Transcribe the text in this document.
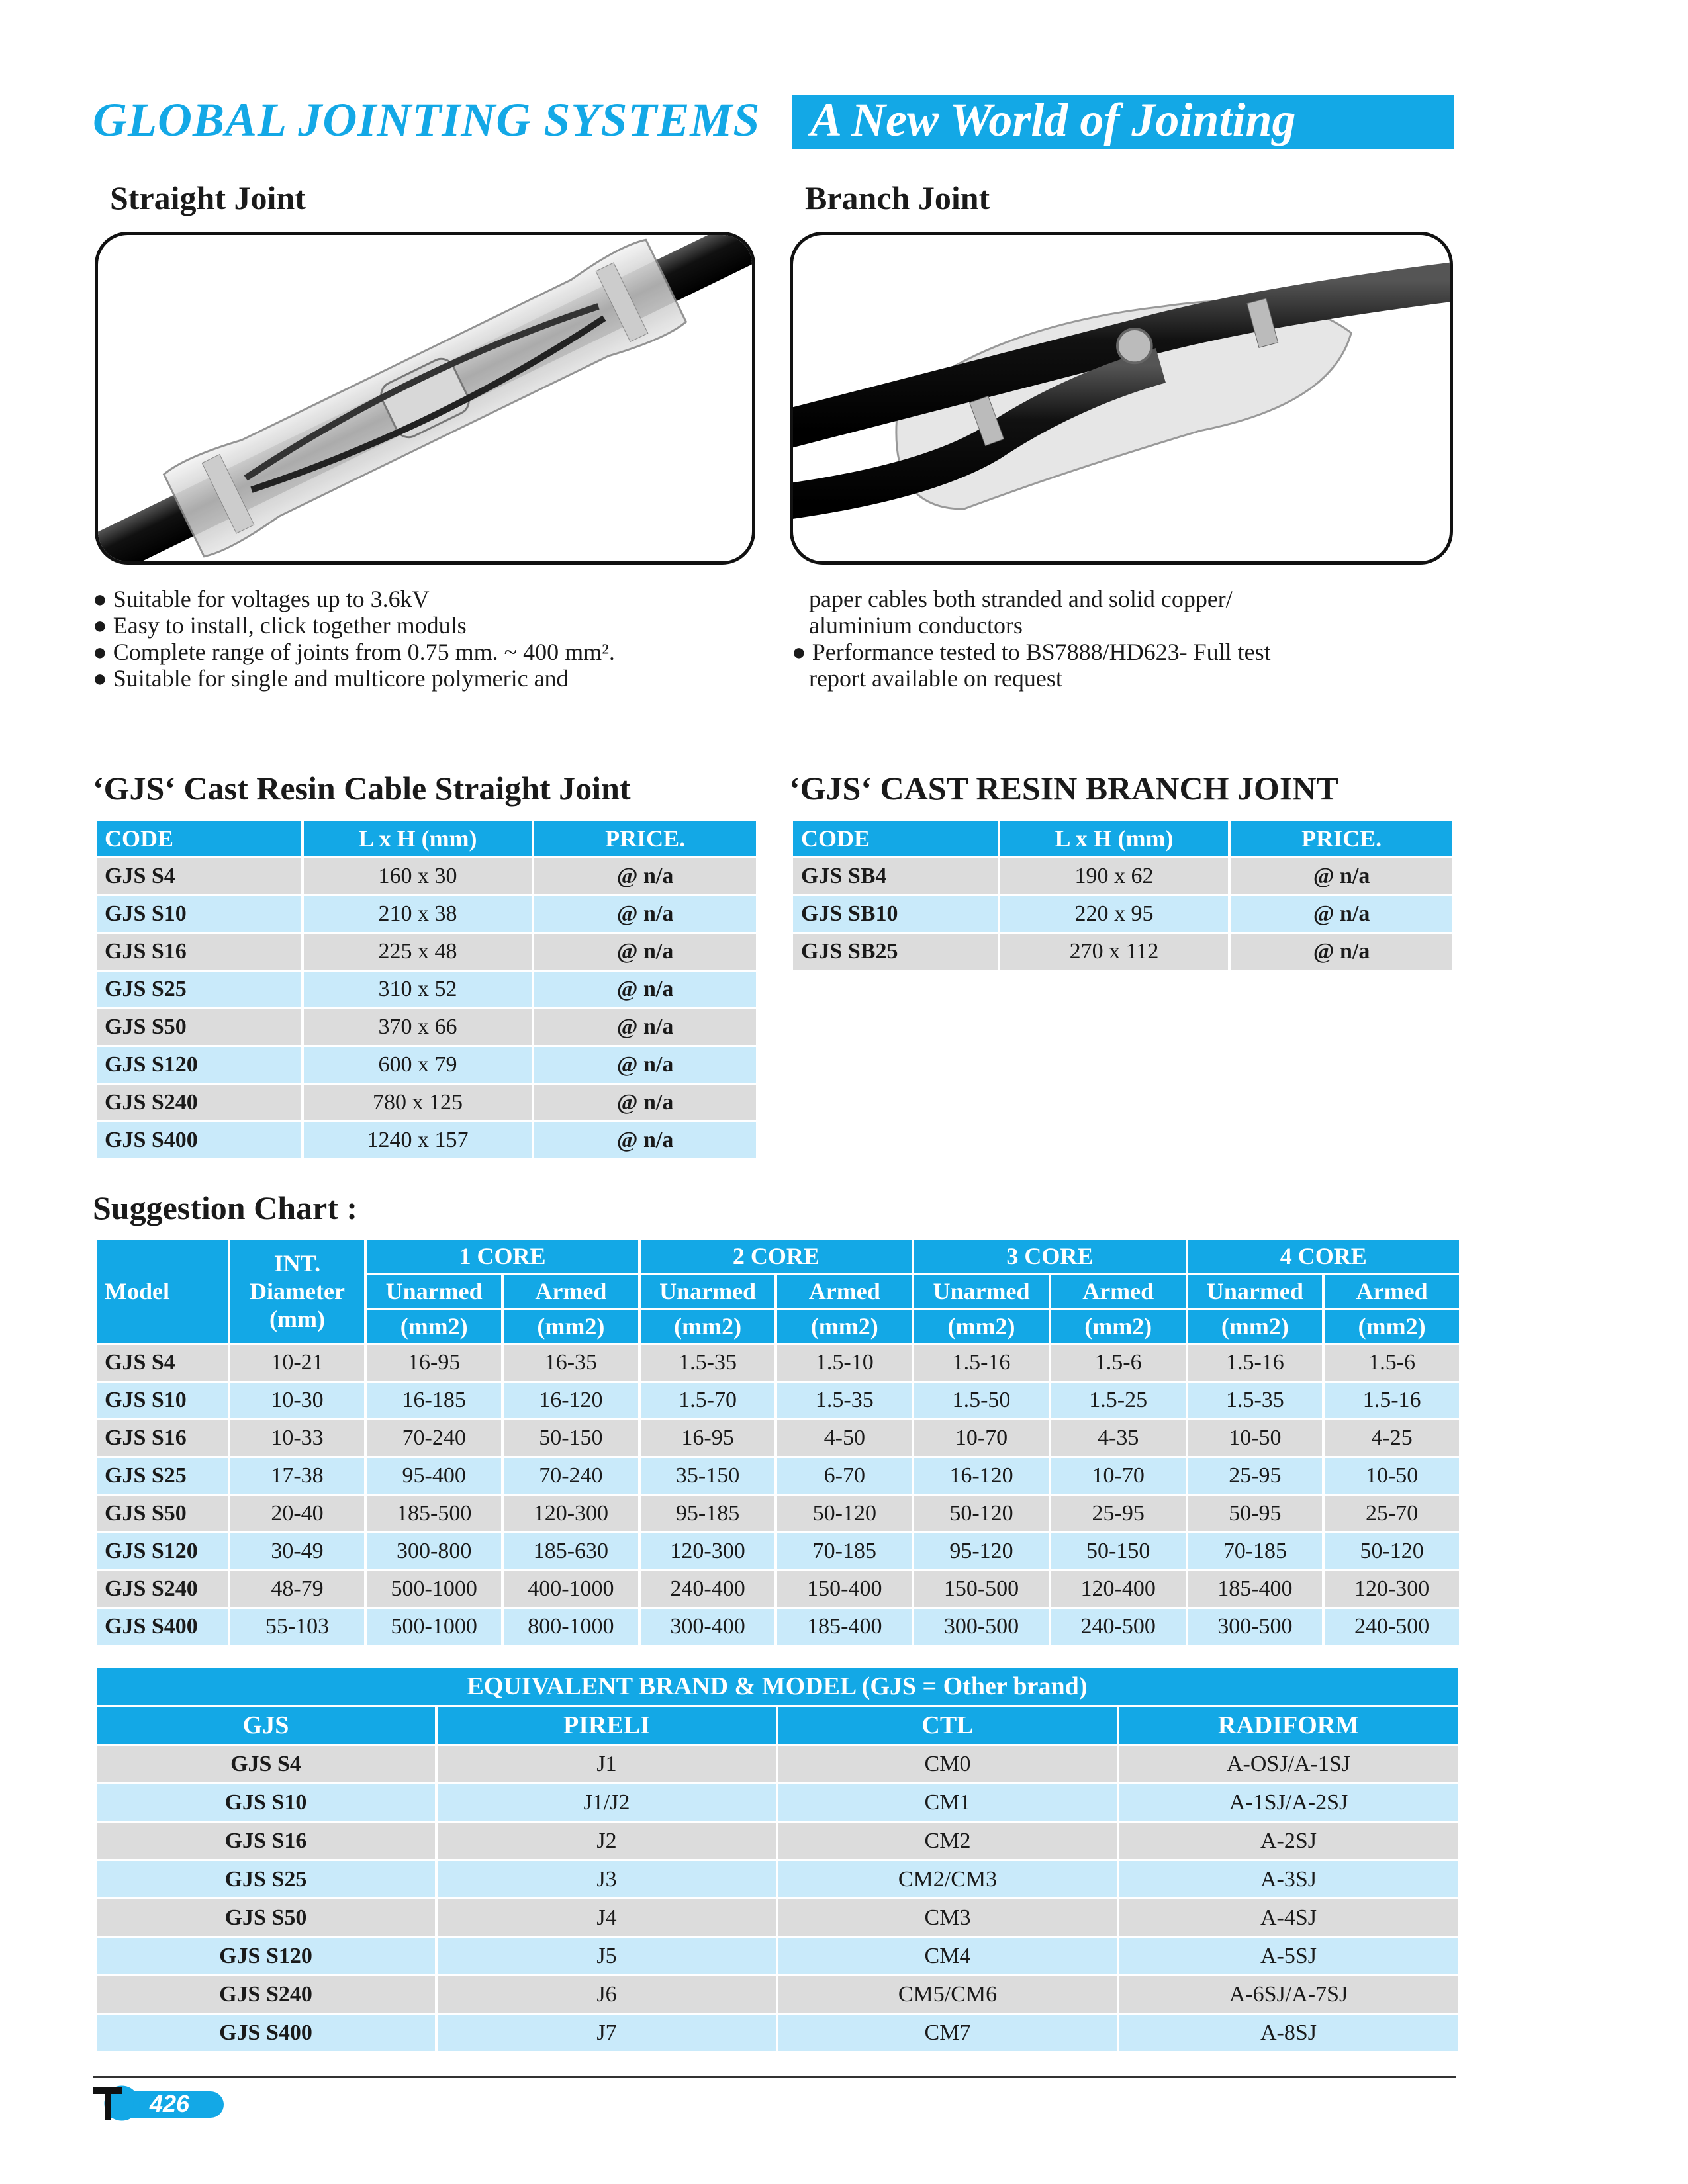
GLOBAL JOINTING SYSTEMS A New World of Jointing
Straight Joint	Branch Joint
● Suitable for voltages up to 3.6kV
● Easy to install, click together moduls
● Complete range of joints from 0.75 mm. ~ 400 mm².
● Suitable for single and multicore polymeric and
paper cables both stranded and solid copper/
aluminium conductors
● Performance tested to BS7888/HD623- Full test
report available on request
‘GJS‘ Cast Resin Cable Straight Joint
CODE	L x H (mm)	PRICE.
GJS S4	160 x 30	@ n/a
GJS S10	210 x 38	@ n/a
GJS S16	225 x 48	@ n/a
GJS S25	310 x 52	@ n/a
GJS S50	370 x 66	@ n/a
GJS S120	600 x 79	@ n/a
GJS S240	780 x 125	@ n/a
GJS S400	1240 x 157	@ n/a
‘GJS‘ CAST RESIN BRANCH JOINT
CODE	L x H (mm)	PRICE.
GJS SB4	190 x 62	@ n/a
GJS SB10	220 x 95	@ n/a
GJS SB25	270 x 112	@ n/a
Suggestion Chart :
Model	INT.
Diameter
(mm)	1 CORE		2 CORE		3 CORE		4 CORE	
		Unarmed	Armed	Unarmed	Armed	Unarmed	Armed	Unarmed	Armed
		(mm2)	(mm2)	(mm2)	(mm2)	(mm2)	(mm2)	(mm2)	(mm2)
GJS S4	10-21	16-95	16-35	1.5-35	1.5-10	1.5-16	1.5-6	1.5-16	1.5-6
GJS S10	10-30	16-185	16-120	1.5-70	1.5-35	1.5-50	1.5-25	1.5-35	1.5-16
GJS S16	10-33	70-240	50-150	16-95	4-50	10-70	4-35	10-50	4-25
GJS S25	17-38	95-400	70-240	35-150	6-70	16-120	10-70	25-95	10-50
GJS S50	20-40	185-500	120-300	95-185	50-120	50-120	25-95	50-95	25-70
GJS S120	30-49	300-800	185-630	120-300	70-185	95-120	50-150	70-185	50-120
GJS S240	48-79	500-1000	400-1000	240-400	150-400	150-500	120-400	185-400	120-300
GJS S400	55-103	500-1000	800-1000	300-400	185-400	300-500	240-500	300-500	240-500
EQUIVALENT BRAND & MODEL (GJS = Other brand)			
GJS	PIRELI	CTL	RADIFORM
GJS S4	J1	CM0	A-OSJ/A-1SJ
GJS S10	J1/J2	CM1	A-1SJ/A-2SJ
GJS S16	J2	CM2	A-2SJ
GJS S25	J3	CM2/CM3	A-3SJ
GJS S50	J4	CM3	A-4SJ
GJS S120	J5	CM4	A-5SJ
GJS S240	J6	CM5/CM6	A-6SJ/A-7SJ
GJS S400	J7	CM7	A-8SJ
426
